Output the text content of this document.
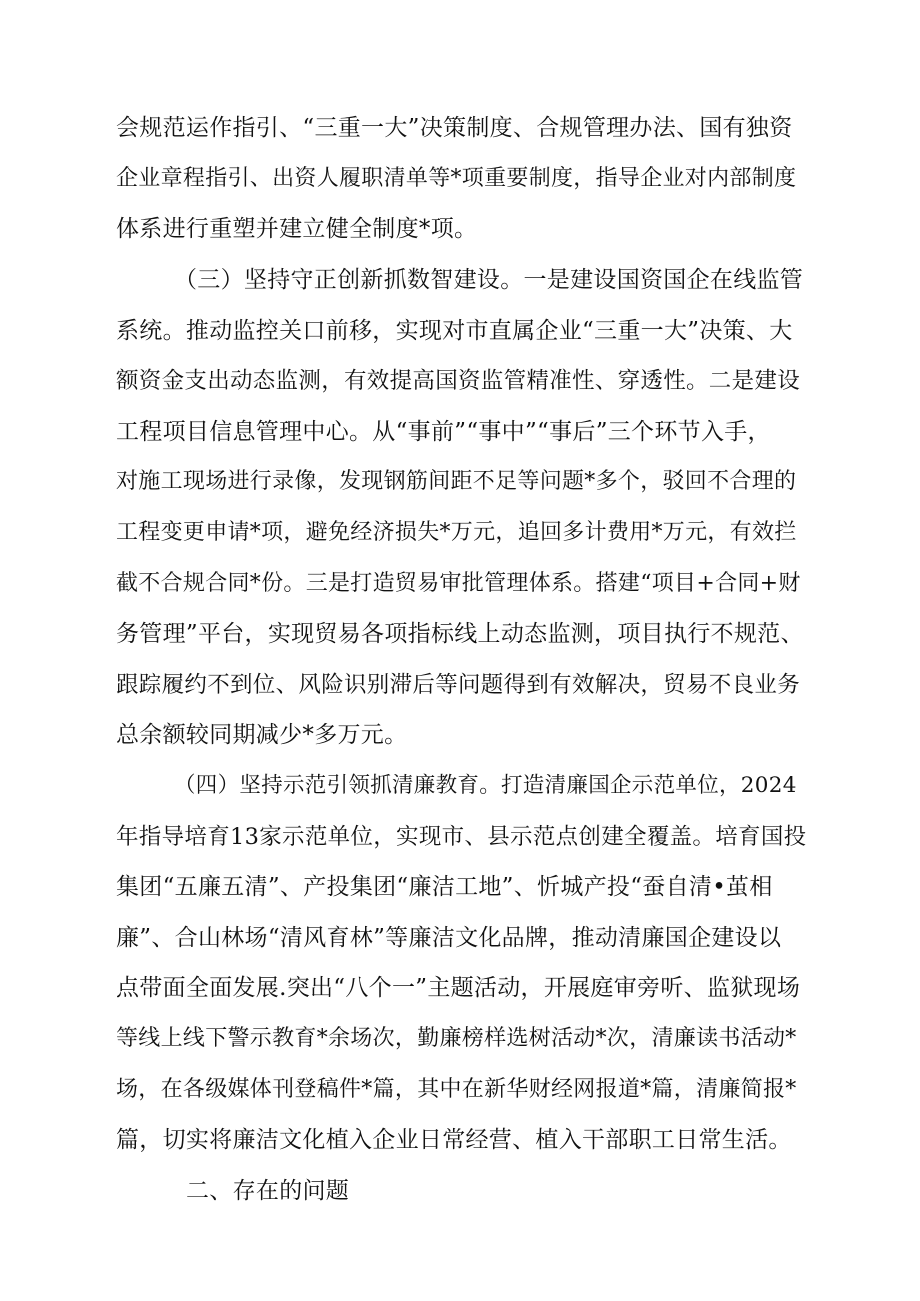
会规范运作指引、“三重一大”决策制度、合规管理办法、国有独资
企业章程指引、出资人履职清单等*项重要制度，指导企业对内部制度
体系进行重塑并建立健全制度*项。
（三）坚持守正创新抓数智建设。一是建设国资国企在线监管
系统。推动监控关口前移，实现对市直属企业“三重一大”决策、大
额资金支出动态监测，有效提高国资监管精准性、穿透性。二是建设
工程项目信息管理中心。从“事前”“事中”“事后”三个环节入手，
对施工现场进行录像，发现钢筋间距不足等问题*多个，驳回不合理的
工程变更申请*项，避免经济损失*万元，追回多计费用*万元，有效拦
截不合规合同*份。三是打造贸易审批管理体系。搭建“项目+合同+财
务管理”平台，实现贸易各项指标线上动态监测，项目执行不规范、
跟踪履约不到位、风险识别滞后等问题得到有效解决，贸易不良业务
总余额较同期减少*多万元。
（四）坚持示范引领抓清廉教育。打造清廉国企示范单位，2024
年指导培育13家示范单位，实现市、县示范点创建全覆盖。培育国投
集团“五廉五清”、产投集团“廉洁工地”、忻城产投“蚕自清•茧相
廉”、合山林场“清风育林”等廉洁文化品牌，推动清廉国企建设以
点带面全面发展.突出“八个一”主题活动，开展庭审旁听、监狱现场
等线上线下警示教育*余场次，勤廉榜样选树活动*次，清廉读书活动*
场，在各级媒体刊登稿件*篇，其中在新华财经网报道*篇，清廉简报*
篇，切实将廉洁文化植入企业日常经营、植入干部职工日常生活。
二、存在的问题
